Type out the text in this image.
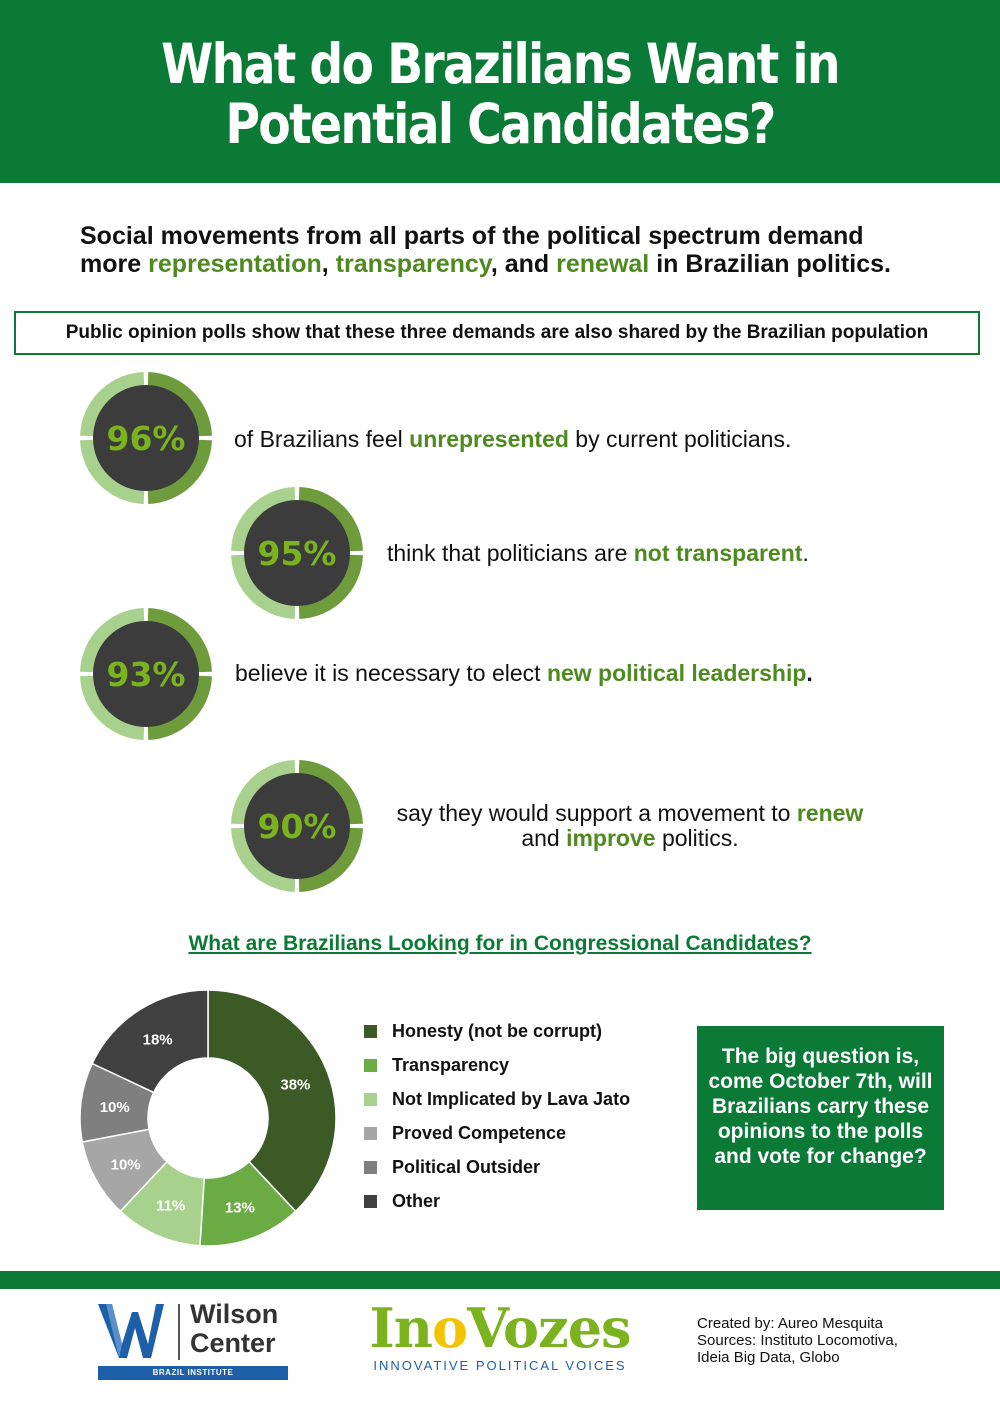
What do Brazilians Want in
Potential Candidates?
Social movements from all parts of the political spectrum demand
more representation, transparency, and renewal in Brazilian politics.
Public opinion polls show that these three demands are also shared by the Brazilian population
96% of Brazilians feel unrepresented by current politicians.
95% think that politicians are not transparent.
93% believe it is necessary to elect new political leadership.
90%	say they would support a movement to renew
and improve politics.
What are Brazilians Looking for in Congressional Candidates?
38%
13%
11%
10%
10%
18%	Honesty (not be corrupt)
Transparency
Not Implicated by Lava Jato
Proved Competence
Political Outsider
Other
The big question is, come October 7th, will Brazilians carry these opinions to the polls and vote for change?
Wilson
Center
BRAZIL INSTITUTE
InoVozes
INNOVATIVE POLITICAL VOICES
Created by: Aureo Mesquita
Sources: Instituto Locomotiva,
Ideia Big Data, Globo
